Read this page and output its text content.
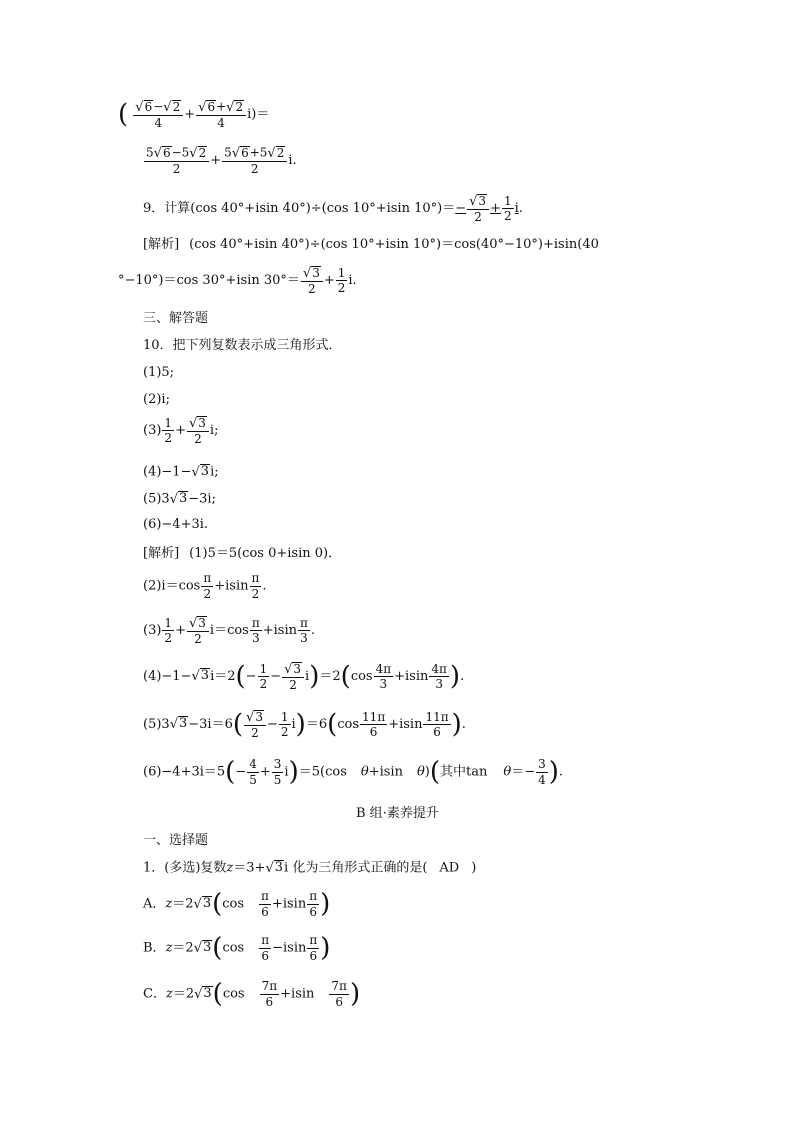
( $\frac{√ 6 - √ 2}{4} + \frac{√ 6 + √ 2}{4} i)=$
$\frac{5 √ 6 -5 √ 2}{2} + \frac{5 √ 6 +5 √ 2}{2} i$.
9．计算(cos 40°+isin 40°)÷(cos 10°+isin $10^\circ)=- \frac{√ 3}{2} + \frac{1}{2} i$.
[解析] (cos 40°+isin 40°)÷(cos 10°+isin 10°)＝cos(40°−10°)+isin(40
°−10°)＝cos 30°+isin $30^\circ= \frac{√ 3}{2} + \frac{1}{2} i$.
三、解答题
10．把下列复数表示成三角形式．
(1)5;
(2)i;
$(3) \frac{1}{2} + \frac{√ 3}{2} i$;
(4)−1− √ 3 i;
(5)3 √ 3 −3i;
(6)−4+3i.
[解析] (1)5＝5(cos 0+isin 0)．
$(2)i=\cos \frac{\pi}{2} +isin \frac{\pi}{2}$ .
$(3) \frac{1}{2} + \frac{√ 3}{2} i=\cos \frac{\pi}{3} +isin \frac{\pi}{3}$ .
(4)−1− √ 3 $i=2(- \frac{1}{2} - \frac{√ 3}{2} i)=2(\cos \frac{4\pi}{3} +isin \frac{4\pi}{3}$ ).
(5)3 √ $3 -3i=6( \frac{√ 3}{2} - \frac{1}{2} i)=6(\cos \frac{11\pi}{6} +isin \frac{11\pi}{6}$ ).
$(6)-4+3i=5(- \frac{4}{5} + \frac{3}{5} i)=5(\cos$ θ+isin θ)(其中$\tan \theta=- \frac{3}{4}$ ).
B 组·素养提升
一、选择题
1．(多选)复数z＝3+ √ 3 i 化为三角形式正确的是( AD )
A．z＝2 √ 3 ($\cos \frac{\pi}{6} +isin \frac{\pi}{6}$ )
B．z＝2 √ 3 ($\cos \frac{\pi}{6} -isin \frac{\pi}{6}$ )
C．z＝2 √ 3 ($\cos \frac{7\pi}{6} +isin \frac{7\pi}{6}$ )
